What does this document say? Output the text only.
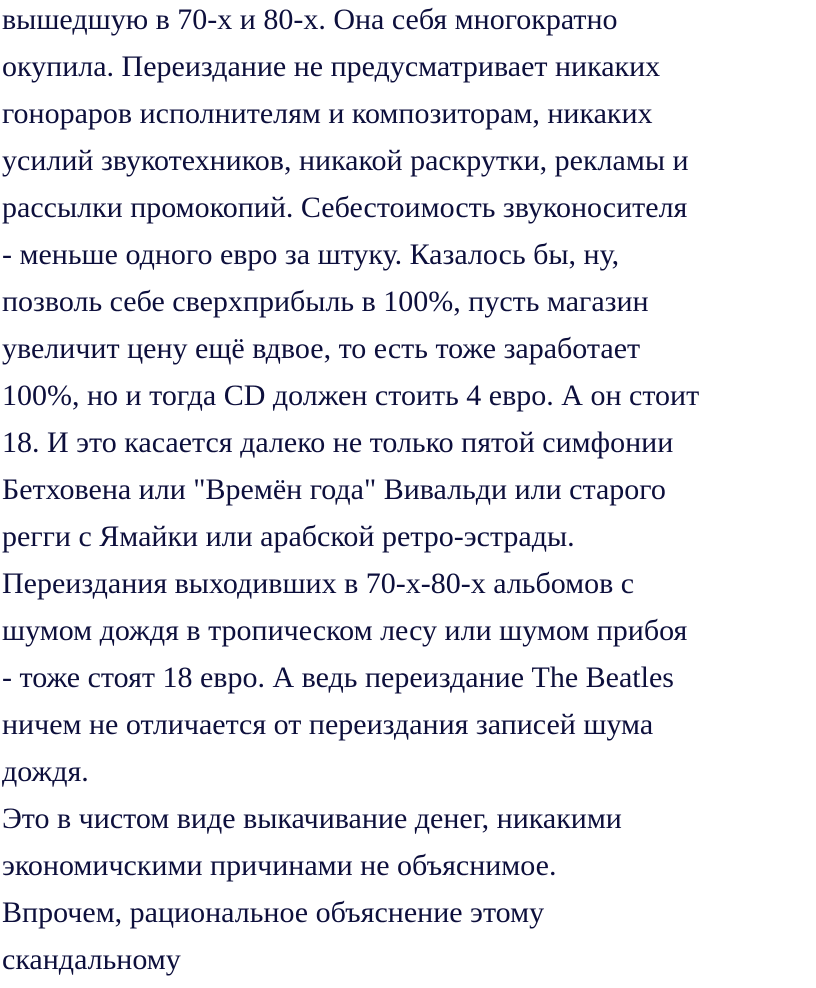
вышедшую в 70-х и 80-х. Она себя многократно
окупила. Переиздание не предусматривает никаких
гонораров исполнителям и композиторам, никаких
усилий звукотехников, никакой раскрутки, рекламы и
рассылки промокопий. Себестоимость звуконосителя
- меньше одного евро за штуку. Казалось бы, ну,
позволь себе сверхприбыль в 100%, пусть магазин
увеличит цену ещё вдвое, то есть тоже заработает
100%, но и тогда CD должен стоить 4 евро. А он стоит
18. И это касается далеко не только пятой симфонии
Бетховена или "Времён года" Вивальди или старого
регги с Ямайки или арабской ретро-эстрады.
Переиздания выходивших в 70-х-80-х альбомов с
шумом дождя в тропическом лесу или шумом прибоя
- тоже стоят 18 евро. А ведь переиздание The Beatles
ничем не отличается от переиздания записей шума
дождя.
Это в чистом виде выкачивание денег, никакими
экономичскими причинами не объяснимое.
Впрочем, рациональное объяснение этому
скандальному
